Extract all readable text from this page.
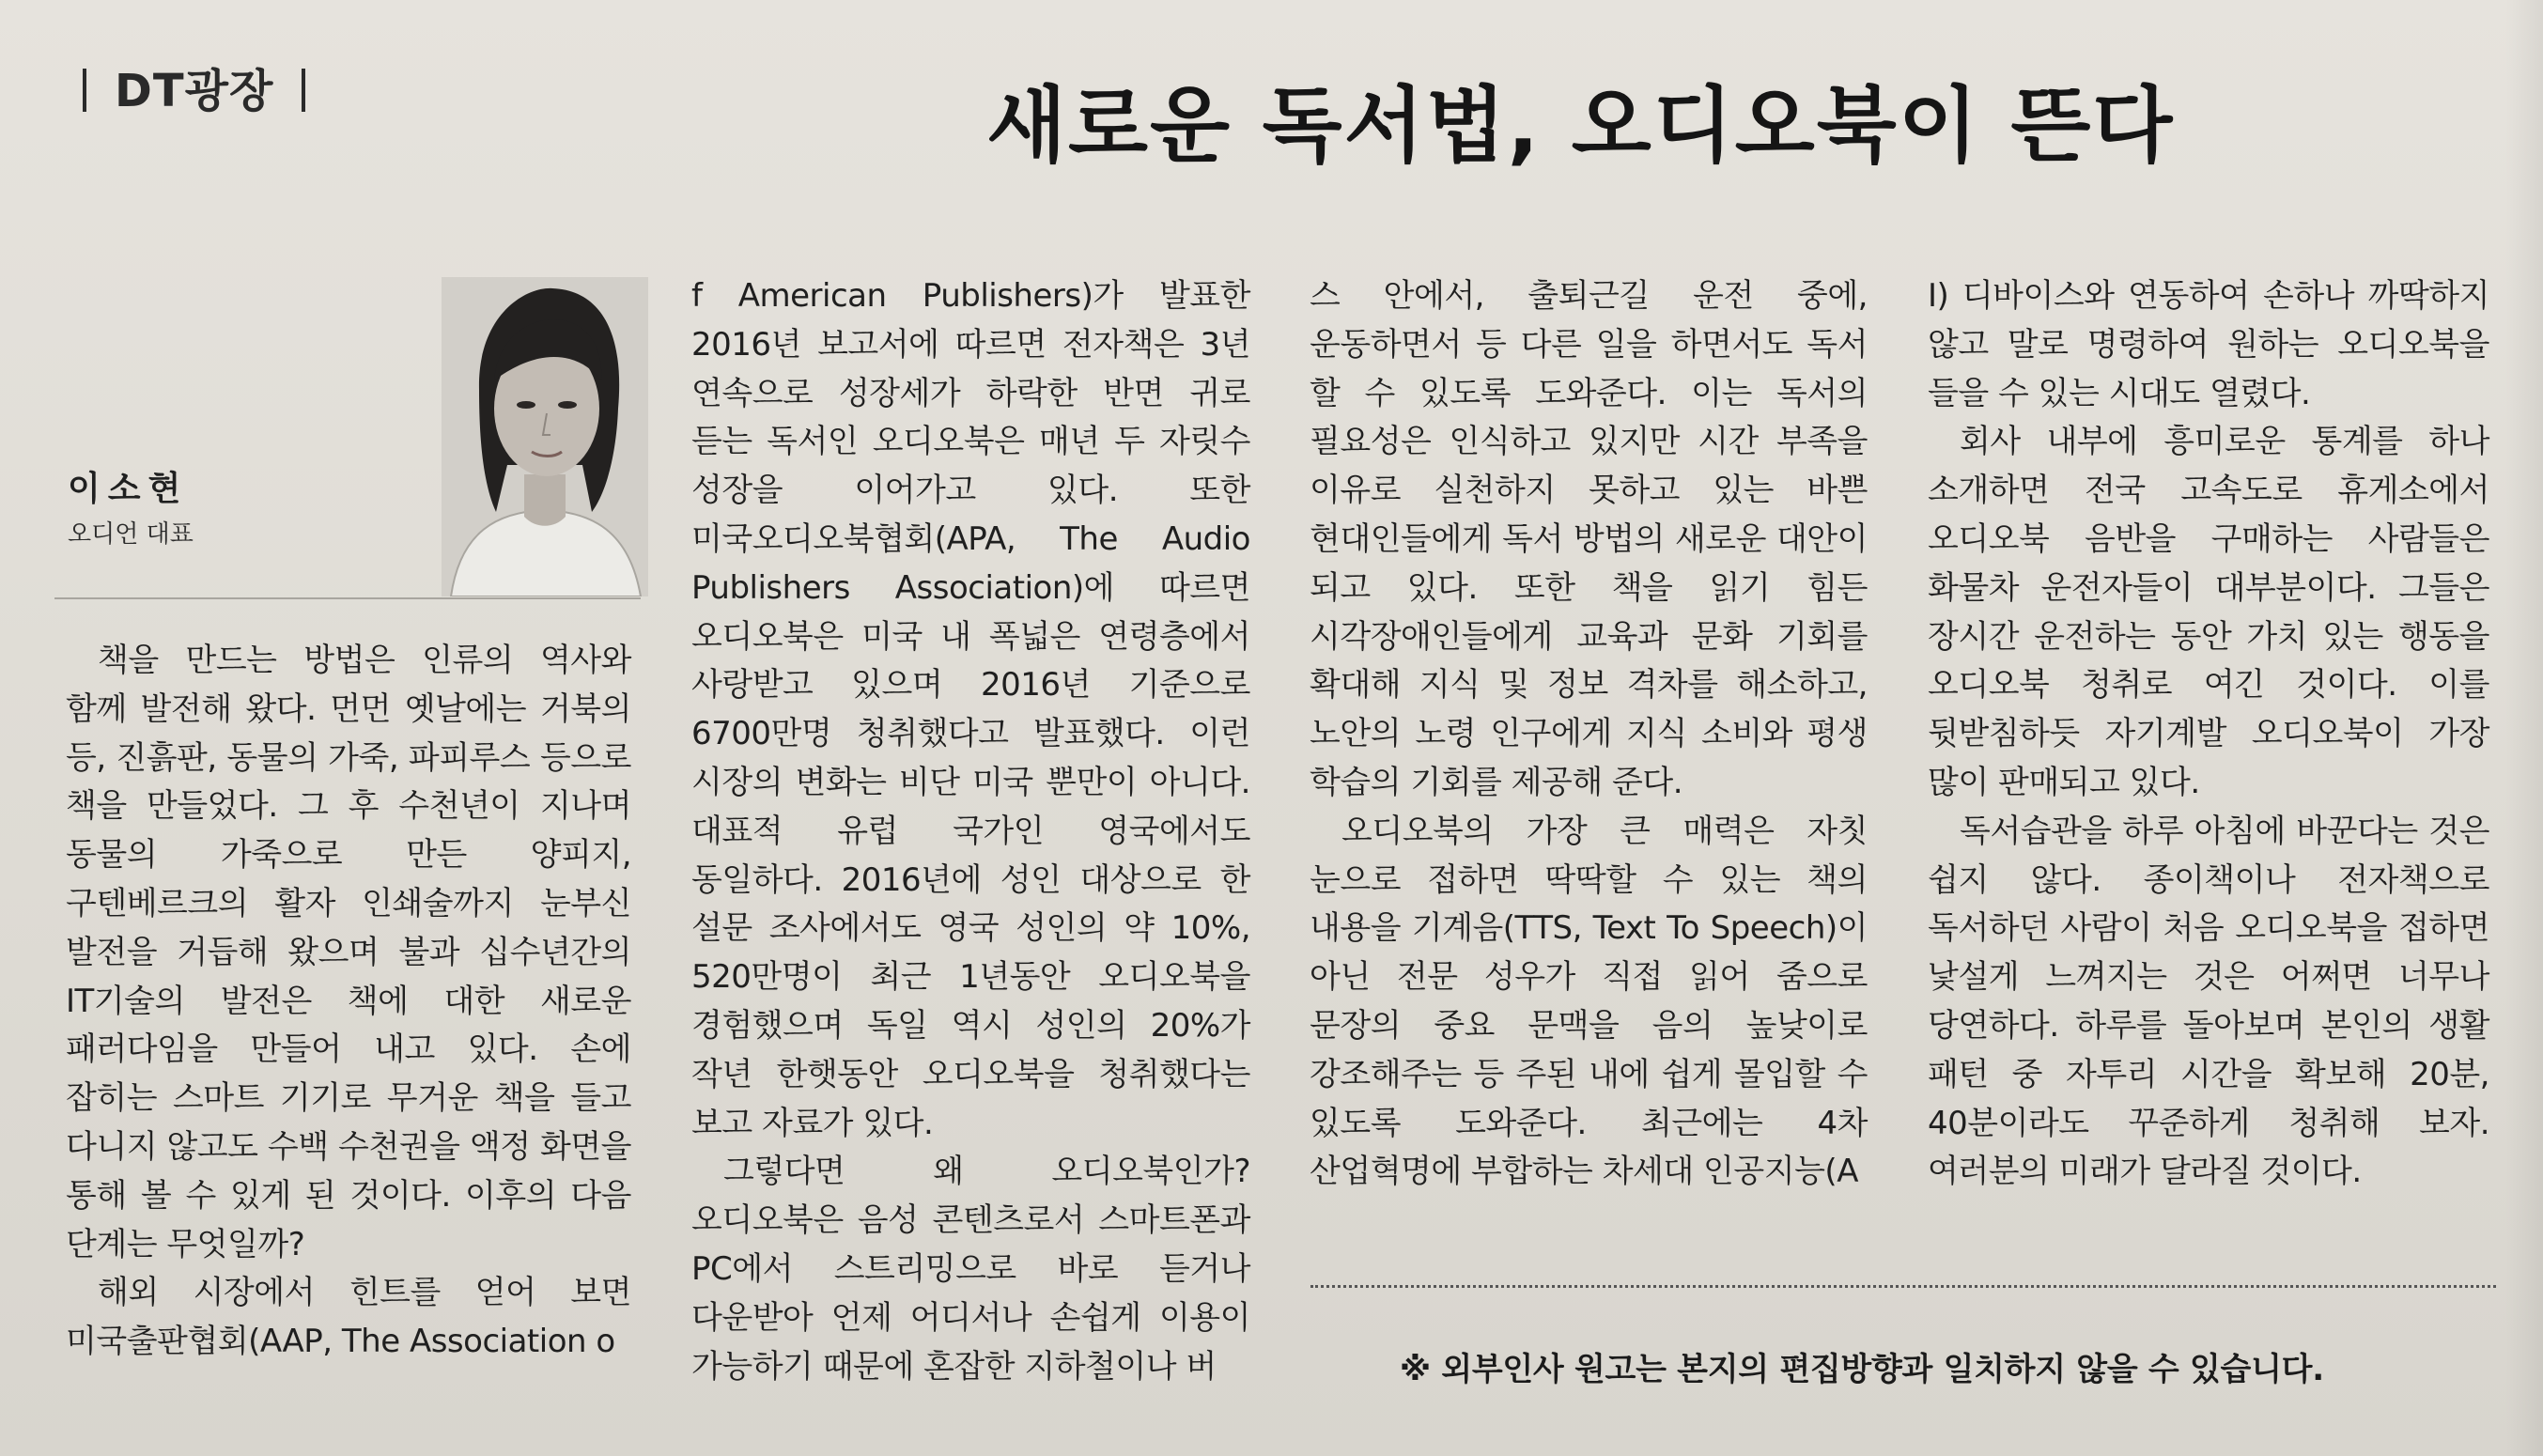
DT광장	새로운 독서법, 오디오북이 뜬다
이소현
오디언 대표

책을 만드는 방법은 인류의 역사와 함께 발전해 왔다. 먼먼 옛날에는 거북의 등, 진흙판, 동물의 가죽, 파피루스 등으로 책을 만들었다. 그 후 수천년이 지나며 동물의 가죽으로 만든 양피지, 구텐베르크의 활자 인쇄술까지 눈부신 발전을 거듭해 왔으며 불과 십수년간의 IT기술의 발전은 책에 대한 새로운 패러다임을 만들어 내고 있다. 손에 잡히는 스마트 기기로 무거운 책을 들고 다니지 않고도 수백 수천권을 액정 화면을 통해 볼 수 있게 된 것이다. 이후의 다음 단계는 무엇일까?

해외 시장에서 힌트를 얻어 보면 미국출판협회(AAP, The Association o

f American Publishers)가 발표한 2016년 보고서에 따르면 전자책은 3년 연속으로 성장세가 하락한 반면 귀로 듣는 독서인 오디오북은 매년 두 자릿수 성장을 이어가고 있다. 또한 미국오디오북협회(APA, The Audio Publishers Association)에 따르면 오디오북은 미국 내 폭넓은 연령층에서 사랑받고 있으며 2016년 기준으로 6700만명 청취했다고 발표했다. 이런 시장의 변화는 비단 미국 뿐만이 아니다. 대표적 유럽 국가인 영국에서도 동일하다. 2016년에 성인 대상으로 한 설문 조사에서도 영국 성인의 약 10%, 520만명이 최근 1년동안 오디오북을 경험했으며 독일 역시 성인의 20%가 작년 한햇동안 오디오북을 청취했다는 보고 자료가 있다.

그렇다면 왜 오디오북인가? 오디오북은 음성 콘텐츠로서 스마트폰과 PC에서 스트리밍으로 바로 듣거나 다운받아 언제 어디서나 손쉽게 이용이 가능하기 때문에 혼잡한 지하철이나 버

스 안에서, 출퇴근길 운전 중에, 운동하면서 등 다른 일을 하면서도 독서 할 수 있도록 도와준다. 이는 독서의 필요성은 인식하고 있지만 시간 부족을 이유로 실천하지 못하고 있는 바쁜 현대인들에게 독서 방법의 새로운 대안이 되고 있다. 또한 책을 읽기 힘든 시각장애인들에게 교육과 문화 기회를 확대해 지식 및 정보 격차를 해소하고, 노안의 노령 인구에게 지식 소비와 평생 학습의 기회를 제공해 준다.

오디오북의 가장 큰 매력은 자칫 눈으로 접하면 딱딱할 수 있는 책의 내용을 기계음(TTS, Text To Speech)이 아닌 전문 성우가 직접 읽어 줌으로 문장의 중요 문맥을 음의 높낮이로 강조해주는 등 주된 내에 쉽게 몰입할 수 있도록 도와준다. 최근에는 4차 산업혁명에 부합하는 차세대 인공지능(A

I) 디바이스와 연동하여 손하나 까딱하지 않고 말로 명령하여 원하는 오디오북을 들을 수 있는 시대도 열렸다.

회사 내부에 흥미로운 통계를 하나 소개하면 전국 고속도로 휴게소에서 오디오북 음반을 구매하는 사람들은 화물차 운전자들이 대부분이다. 그들은 장시간 운전하는 동안 가치 있는 행동을 오디오북 청취로 여긴 것이다. 이를 뒷받침하듯 자기계발 오디오북이 가장 많이 판매되고 있다.

독서습관을 하루 아침에 바꾼다는 것은 쉽지 않다. 종이책이나 전자책으로 독서하던 사람이 처음 오디오북을 접하면 낯설게 느껴지는 것은 어쩌면 너무나 당연하다. 하루를 돌아보며 본인의 생활 패턴 중 자투리 시간을 확보해 20분, 40분이라도 꾸준하게 청취해 보자. 여러분의 미래가 달라질 것이다.

※ 외부인사 원고는 본지의 편집방향과 일치하지 않을 수 있습니다.
